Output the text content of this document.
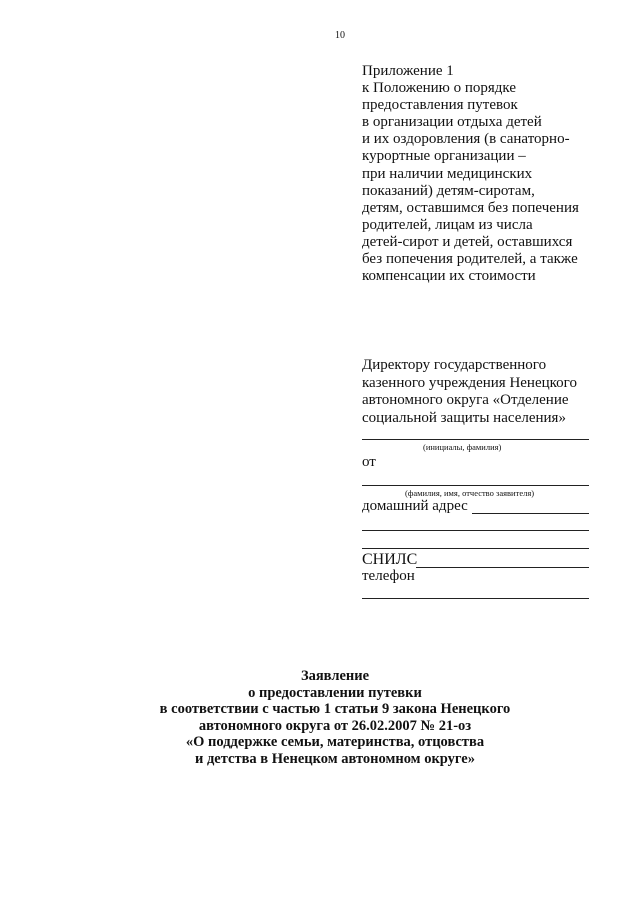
10
Приложение 1
к Положению о порядке
предоставления путевок
в организации отдыха детей
и их оздоровления (в санаторно-
курортные организации –
при наличии медицинских
показаний) детям-сиротам,
детям, оставшимся без попечения
родителей, лицам из числа
детей-сирот и детей, оставшихся
без попечения родителей, а также
компенсации их стоимости
Директору государственного
казенного учреждения Ненецкого
автономного округа «Отделение
социальной защиты населения»
(инициалы, фамилия)
от
(фамилия, имя, отчество заявителя)
домашний адрес
СНИЛС
телефон
Заявление
о предоставлении путевки
в соответствии с частью 1 статьи 9 закона Ненецкого
автономного округа от 26.02.2007 № 21-оз
«О поддержке семьи, материнства, отцовства
и детства в Ненецком автономном округе»
